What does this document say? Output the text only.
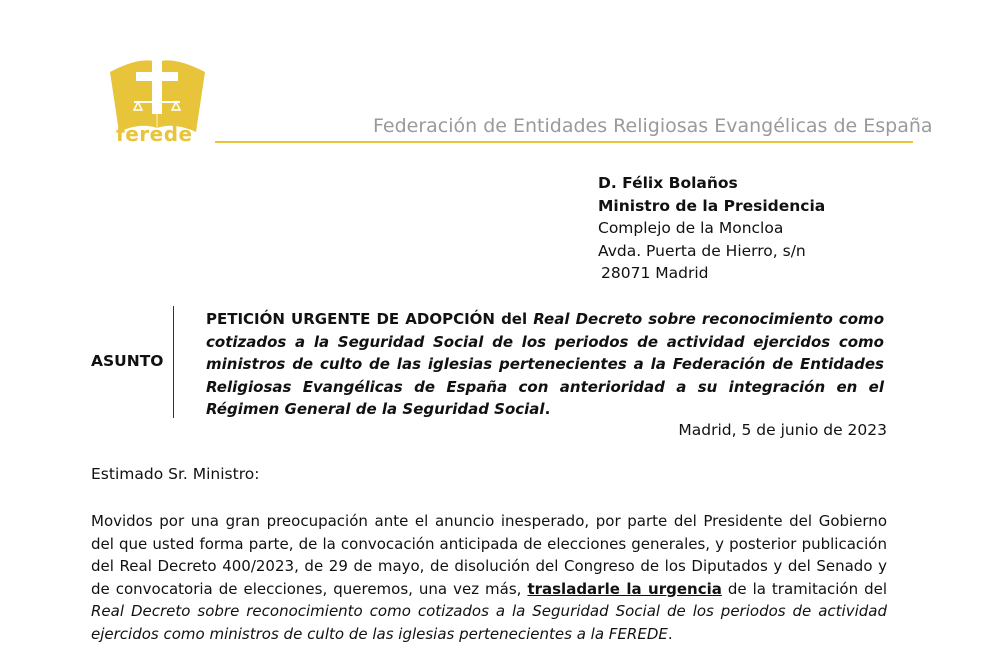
ferede	Federación de Entidades Religiosas Evangélicas de España
D. Félix Bolaños
Ministro de la Presidencia
Complejo de la Moncloa
Avda. Puerta de Hierro, s/n
28071 Madrid
ASUNTO
PETICIÓN URGENTE DE ADOPCIÓN del Real Decreto sobre reconocimiento como cotizados a la Seguridad Social de los periodos de actividad ejercidos como ministros de culto de las iglesias pertenecientes a la Federación de Entidades Religiosas Evangélicas de España con anterioridad a su integración en el Régimen General de la Seguridad Social.
Madrid, 5 de junio de 2023
Estimado Sr. Ministro:
Movidos por una gran preocupación ante el anuncio inesperado, por parte del Presidente del Gobierno del que usted forma parte, de la convocación anticipada de elecciones generales, y posterior publicación del Real Decreto 400/2023, de 29 de mayo, de disolución del Congreso de los Diputados y del Senado y de convocatoria de elecciones, queremos, una vez más, trasladarle la urgencia de la tramitación del Real Decreto sobre reconocimiento como cotizados a la Seguridad Social de los periodos de actividad ejercidos como ministros de culto de las iglesias pertenecientes a la FEREDE.
